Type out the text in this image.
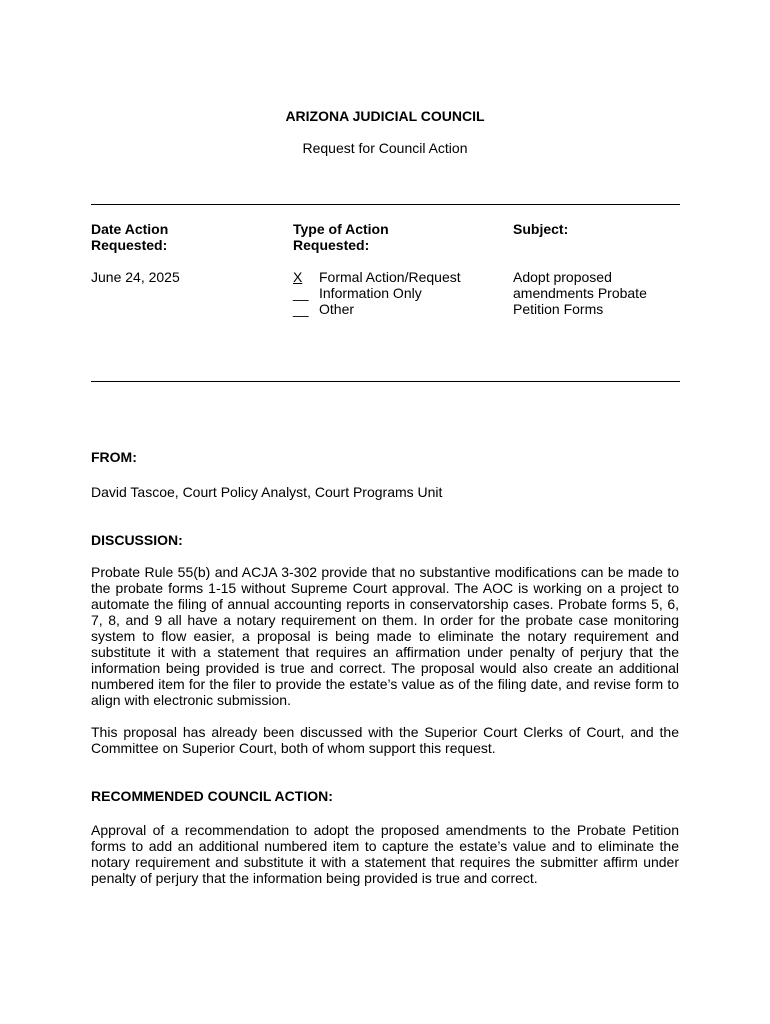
ARIZONA JUDICIAL COUNCIL
Request for Council Action
Date Action
Requested:
June 24, 2025
Type of Action
Requested:
X Formal Action/Request
__ Information Only
__ Other
Subject:
Adopt proposed
amendments Probate
Petition Forms
FROM:
David Tascoe, Court Policy Analyst, Court Programs Unit
DISCUSSION:
Probate Rule 55(b) and ACJA 3-302 provide that no substantive modifications can be made to the probate forms 1-15 without Supreme Court approval. The AOC is working on a project to automate the filing of annual accounting reports in conservatorship cases. Probate forms 5, 6, 7, 8, and 9 all have a notary requirement on them. In order for the probate case monitoring system to flow easier, a proposal is being made to eliminate the notary requirement and substitute it with a statement that requires an affirmation under penalty of perjury that the information being provided is true and correct. The proposal would also create an additional numbered item for the filer to provide the estate’s value as of the filing date, and revise form to align with electronic submission.
This proposal has already been discussed with the Superior Court Clerks of Court, and the Committee on Superior Court, both of whom support this request.
RECOMMENDED COUNCIL ACTION:
Approval of a recommendation to adopt the proposed amendments to the Probate Petition forms to add an additional numbered item to capture the estate’s value and to eliminate the notary requirement and substitute it with a statement that requires the submitter affirm under penalty of perjury that the information being provided is true and correct.
